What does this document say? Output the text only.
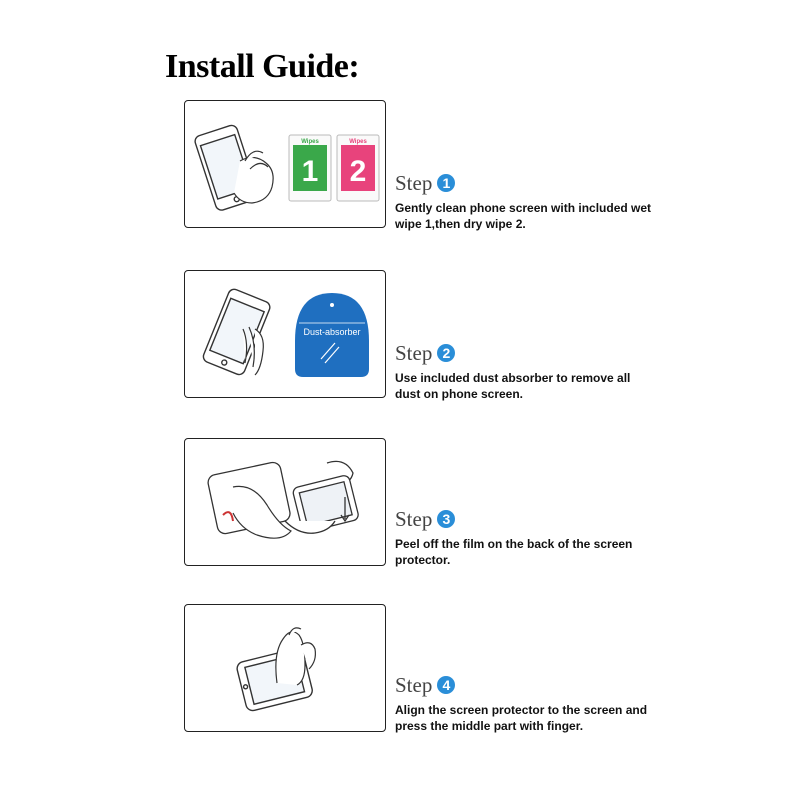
Install Guide:
Wipes
1
Wipes
2 Step 1
Gently clean phone screen with included wet wipe 1,then dry wipe 2.
Dust-absorber
Step 2
Use included dust absorber to remove all dust on phone screen.
Step 3
Peel off the film on the back of the screen protector.
Step 4
Align the screen protector to the screen and press the middle part with finger.
